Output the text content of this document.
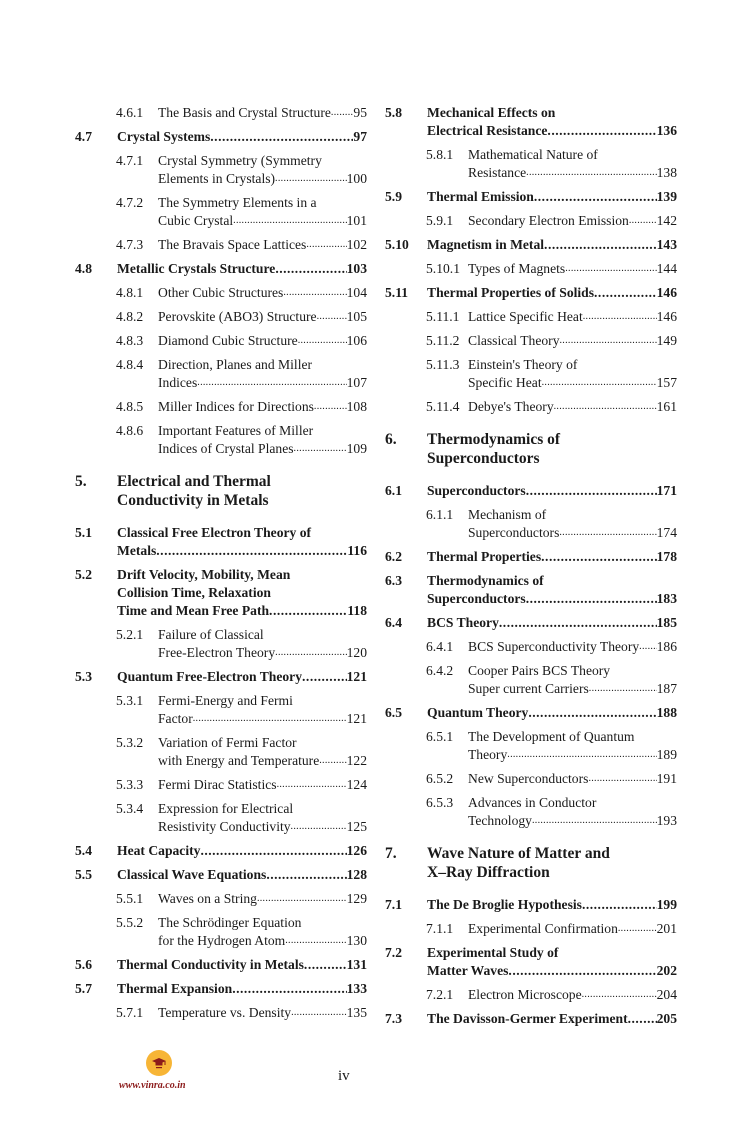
4.6.1 The Basis and Crystal Structure ..... 95
4.7 Crystal Systems .....	97
4.7.1 Crystal Symmetry (Symmetry
Elements in Crystals) .....	100
4.7.2 The Symmetry Elements in a
Cubic Crystal .....	101
4.7.3 The Bravais Space Lattices .....	102
4.8 Metallic Crystals Structure .....	103
4.8.1 Other Cubic Structures .....	104
4.8.2 Perovskite (ABO3) Structure ..... 105
4.8.3 Diamond Cubic Structure .....	106
4.8.4 Direction, Planes and Miller
Indices .....	107
4.8.5 Miller Indices for Directions ..... 108
4.8.6 Important Features of Miller
Indices of Crystal Planes .....	109
5. Electrical and Thermal
Conductivity in Metals
5.1 Classical Free Electron Theory of
Metals .....	116
5.2 Drift Velocity, Mobility, Mean
Collision Time, Relaxation
Time and Mean Free Path .....	118
5.2.1 Failure of Classical
Free-Electron Theory .....	120
5.3 Quantum Free-Electron Theory .....	121
5.3.1 Fermi-Energy and Fermi
Factor .....	121
5.3.2 Variation of Fermi Factor
with Energy and Temperature ..... 122
5.3.3 Fermi Dirac Statistics .....	124
5.3.4 Expression for Electrical
Resistivity Conductivity .....	125
5.4 Heat Capacity .....	126
5.5 Classical Wave Equations .....	128
5.5.1 Waves on a String .....	129
5.5.2 The Schrödinger Equation
for the Hydrogen Atom .....	130
5.6 Thermal Conductivity in Metals .....	131
5.7 Thermal Expansion .....	133
5.7.1 Temperature vs. Density .....	135
5.8 Mechanical Effects on
Electrical Resistance .....	136
5.8.1 Mathematical Nature of
Resistance .....	138
5.9 Thermal Emission .....	139
5.9.1 Secondary Electron Emission ..... 142
5.10 Magnetism in Metal .....	143
5.10.1 Types of Magnets .....	144
5.11 Thermal Properties of Solids .....	146
5.11.1 Lattice Specific Heat .....	146
5.11.2 Classical Theory .....	149
5.11.3 Einstein's Theory of
Specific Heat .....	157
5.11.4 Debye's Theory .....	161
6. Thermodynamics of
Superconductors
6.1 Superconductors .....	171
6.1.1 Mechanism of
Superconductors .....	174
6.2 Thermal Properties .....	178
6.3 Thermodynamics of
Superconductors .....	183
6.4 BCS Theory .....	185
6.4.1 BCS Superconductivity Theory ..... 186
6.4.2 Cooper Pairs BCS Theory
Super current Carriers .....	187
6.5 Quantum Theory .....	188
6.5.1 The Development of Quantum
Theory .....	189
6.5.2 New Superconductors .....	191
6.5.3 Advances in Conductor
Technology .....	193
7. Wave Nature of Matter and
X–Ray Diffraction
7.1 The De Broglie Hypothesis .....	199
7.1.1 Experimental Confirmation .....	201
7.2 Experimental Study of
Matter Waves .....	202
7.2.1 Electron Microscope .....	204
7.3 The Davisson-Germer Experiment ..... 205
www.vinra.co.in
iv
